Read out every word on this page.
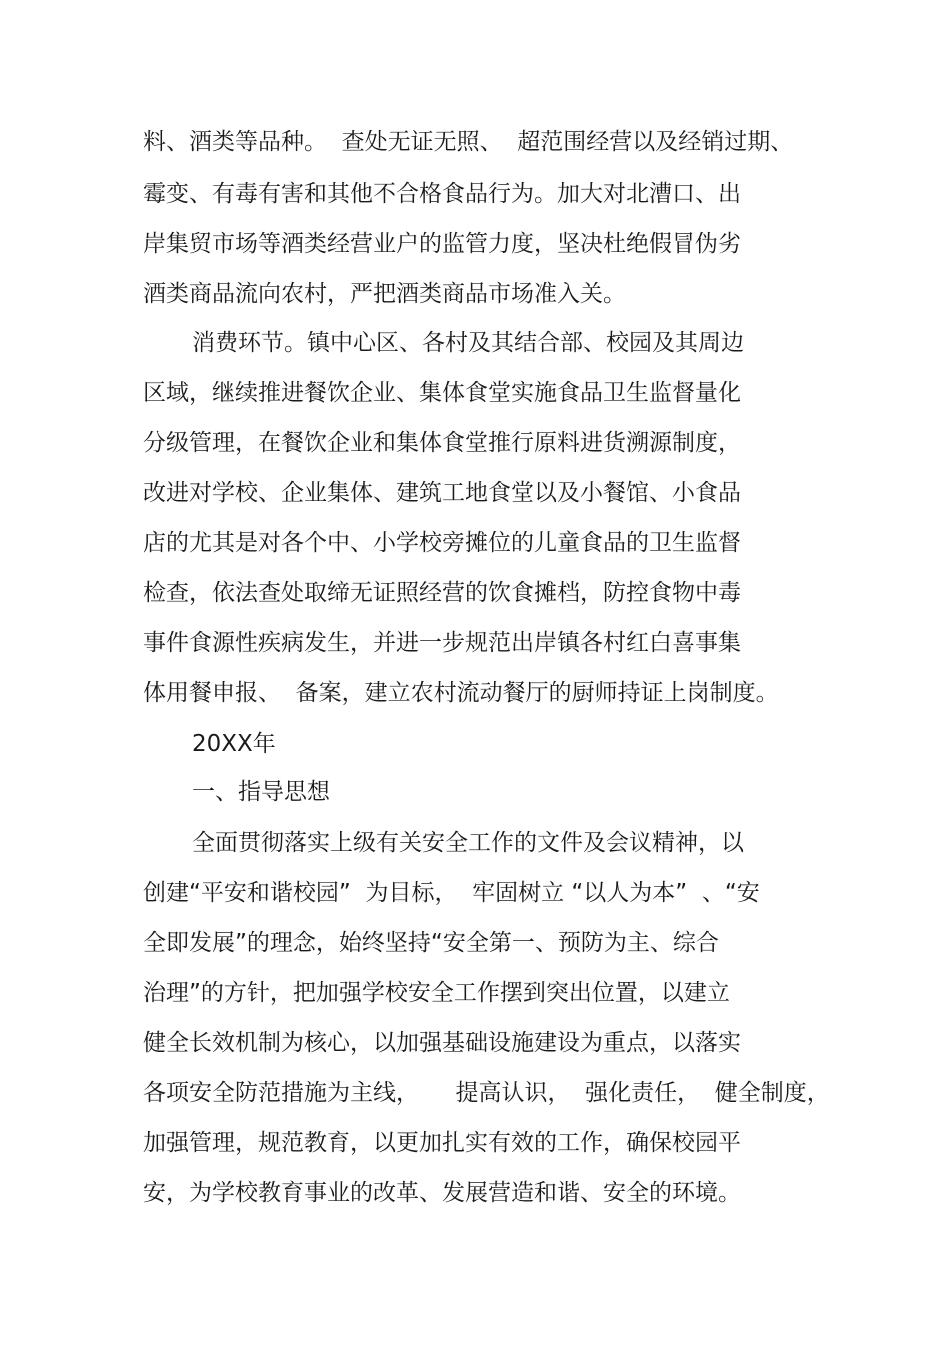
料、酒类等品种。  查处无证无照、  超范围经营以及经销过期、

霉变、有毒有害和其他不合格食品行为。加大对北漕口、出

岸集贸市场等酒类经营业户的监管力度，坚决杜绝假冒伪劣

酒类商品流向农村，严把酒类商品市场准入关。

消费环节。镇中心区、各村及其结合部、校园及其周边

区域，继续推进餐饮企业、集体食堂实施食品卫生监督量化

分级管理，在餐饮企业和集体食堂推行原料进货溯源制度，

改进对学校、企业集体、建筑工地食堂以及小餐馆、小食品

店的尤其是对各个中、小学校旁摊位的儿童食品的卫生监督

检查，依法查处取缔无证照经营的饮食摊档，防控食物中毒

事件食源性疾病发生，并进一步规范出岸镇各村红白喜事集

体用餐申报、  备案，建立农村流动餐厅的厨师持证上岗制度。

20XX年

一、指导思想

全面贯彻落实上级有关安全工作的文件及会议精神，以

创建“平安和谐校园”  为目标，  牢固树立 “以人为本”  、“安

全即发展”的理念，始终坚持“安全第一、预防为主、综合

治理”的方针，把加强学校安全工作摆到突出位置，以建立

健全长效机制为核心，以加强基础设施建设为重点，以落实

各项安全防范措施为主线，     提高认识，  强化责任，  健全制度，

加强管理，规范教育，以更加扎实有效的工作，确保校园平

安，为学校教育事业的改革、发展营造和谐、安全的环境。
